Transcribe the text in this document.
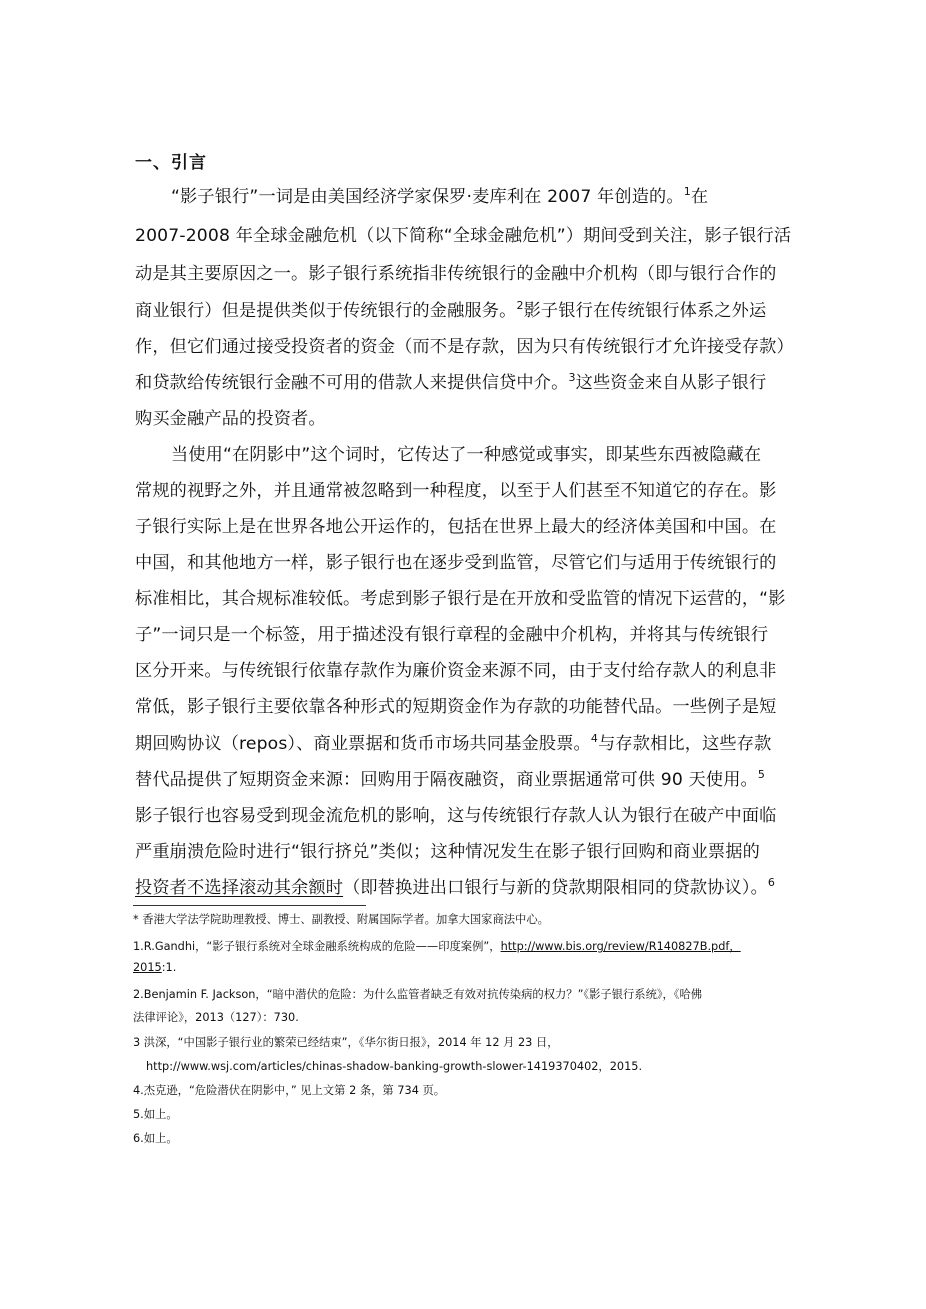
一、引言
“影子银行”一词是由美国经济学家保罗·麦库利在 2007 年创造的。$^1$在
2007-2008 年全球金融危机（以下简称“全球金融危机”）期间受到关注，影子银行活
动是其主要原因之一。影子银行系统指非传统银行的金融中介机构（即与银行合作的
商业银行）但是提供类似于传统银行的金融服务。$^2$影子银行在传统银行体系之外运
作，但它们通过接受投资者的资金（而不是存款，因为只有传统银行才允许接受存款）
和贷款给传统银行金融不可用的借款人来提供信贷中介。$^3$这些资金来自从影子银行
购买金融产品的投资者。
当使用“在阴影中”这个词时，它传达了一种感觉或事实，即某些东西被隐藏在
常规的视野之外，并且通常被忽略到一种程度，以至于人们甚至不知道它的存在。影
子银行实际上是在世界各地公开运作的，包括在世界上最大的经济体美国和中国。在
中国，和其他地方一样，影子银行也在逐步受到监管，尽管它们与适用于传统银行的
标准相比，其合规标准较低。考虑到影子银行是在开放和受监管的情况下运营的，“影
子”一词只是一个标签，用于描述没有银行章程的金融中介机构，并将其与传统银行
区分开来。与传统银行依靠存款作为廉价资金来源不同，由于支付给存款人的利息非
常低，影子银行主要依靠各种形式的短期资金作为存款的功能替代品。一些例子是短
期回购协议（repos）、商业票据和货币市场共同基金股票。$^4$与存款相比，这些存款
替代品提供了短期资金来源：回购用于隔夜融资，商业票据通常可供 90 天使用。$^5$
影子银行也容易受到现金流危机的影响，这与传统银行存款人认为银行在破产中面临
严重崩溃危险时进行“银行挤兑”类似；这种情况发生在影子银行回购和商业票据的
投资者不选择滚动其余额时（即替换进出口银行与新的贷款期限相同的贷款协议）。$^6$
* 香港大学法学院助理教授、博士、副教授、附属国际学者。加拿大国家商法中心。
1.R.Gandhi，“影子银行系统对全球金融系统构成的危险——印度案例”，http://www.bis.org/review/R140827B.pdf，
2015:1.
2.Benjamin F. Jackson，“暗中潜伏的危险：为什么监管者缺乏有效对抗传染病的权力？”《影子银行系统》，《哈佛
法律评论》，2013（127）：730.
3 洪深，“中国影子银行业的繁荣已经结束”，《华尔街日报》，2014 年 12 月 23 日，
http://www.wsj.com/articles/chinas-shadow-banking-growth-slower-1419370402，2015.
4.杰克逊，“危险潜伏在阴影中，” 见上文第 2 条，第 734 页。
5.如上。
6.如上。
